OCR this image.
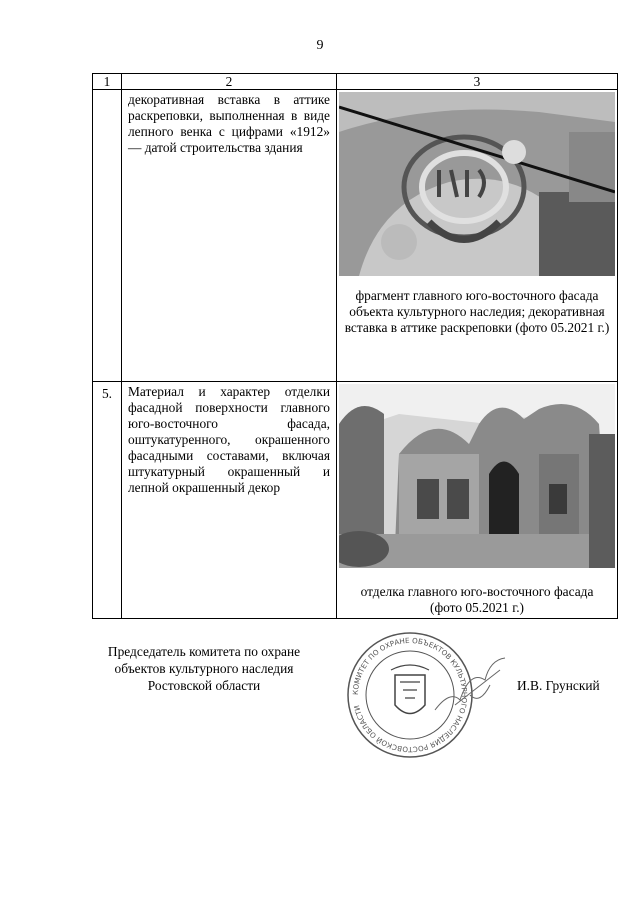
9
1	2	3
	декоративная вставка в аттике раскреповки, выполненная в виде лепного венка с цифрами «1912» — датой строительства здания	фрагмент главного юго-восточного фасада объекта культурного наследия; декоративная вставка в аттике раскреповки (фото 05.2021 г.)

5.	Материал и характер отделки фасадной поверхности главного юго-восточного фасада, оштукатуренного, окрашенного фасадными составами, включая штукатурный окрашенный и лепной окрашенный декор	отделка главного юго-восточного фасада (фото 05.2021 г.)
Председатель комитета по охране объектов культурного наследия Ростовской области	КОМИТЕТ ПО ОХРАНЕ ОБЪЕКТОВ КУЛЬТУРНОГО НАСЛЕДИЯ РОСТОВСКОЙ ОБЛАСТИ
И.В. Грунский
